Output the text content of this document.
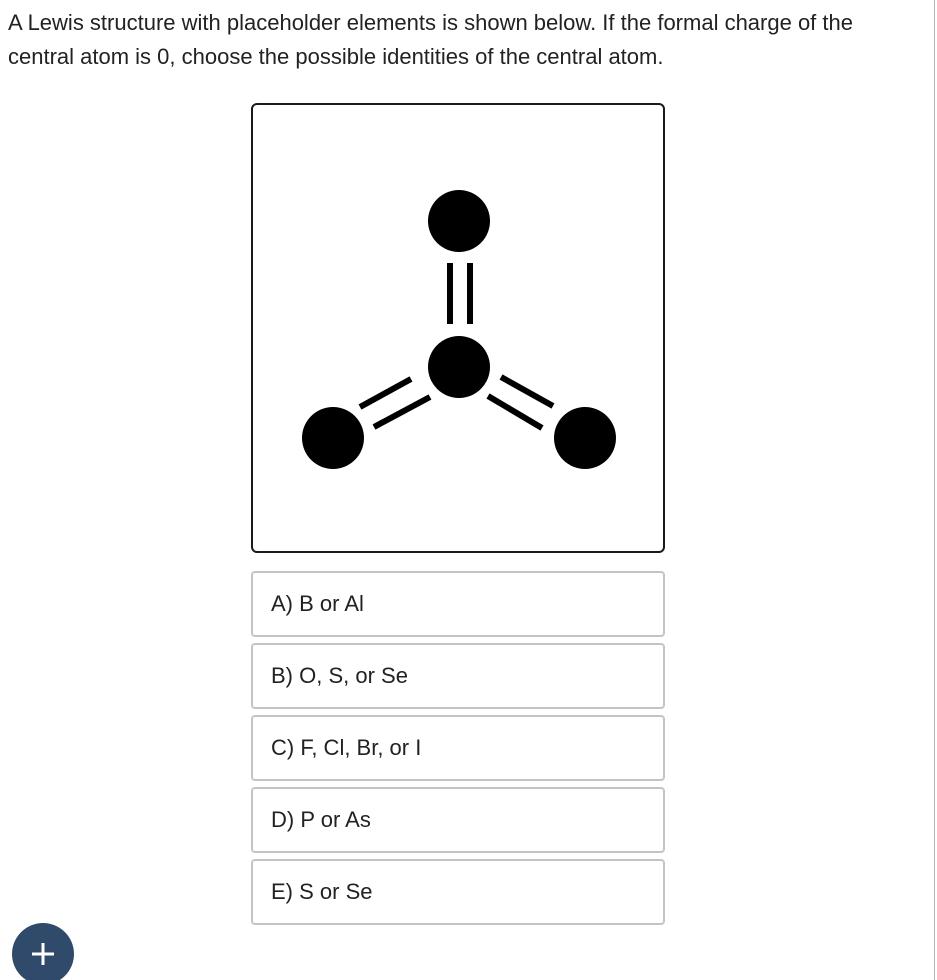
A Lewis structure with placeholder elements is shown below. If the formal charge of the central atom is 0, choose the possible identities of the central atom.

A) B or Al
B) O, S, or Se
C) F, Cl, Br, or I
D) P or As
E) S or Se
